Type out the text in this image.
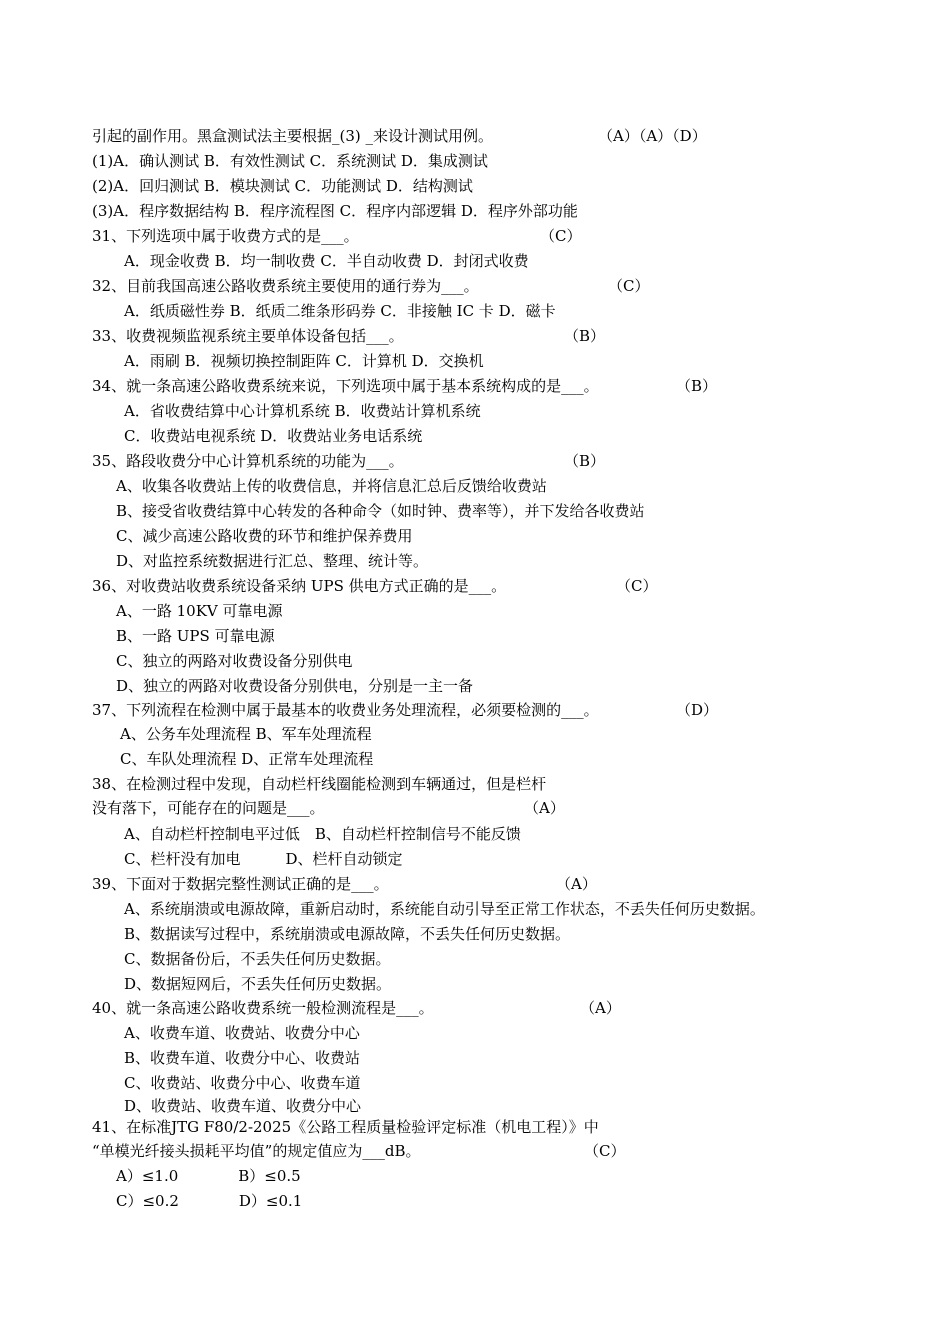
引起的副作用。黑盒测试法主要根据_(3) _来设计测试用例。	（A）（A）（D）
(1)A．确认测试 B．有效性测试 C．系统测试 D．集成测试
(2)A．回归测试 B．模块测试 C．功能测试 D．结构测试
(3)A．程序数据结构 B．程序流程图 C．程序内部逻辑 D．程序外部功能
31、下列选项中属于收费方式的是___。	（C）
A．现金收费 B．均一制收费 C．半自动收费 D．封闭式收费
32、目前我国高速公路收费系统主要使用的通行券为___。	（C）
A．纸质磁性券 B．纸质二维条形码券 C．非接触 IC 卡 D．磁卡
33、收费视频监视系统主要单体设备包括___。	（B）
A．雨刷 B．视频切换控制距阵 C．计算机 D．交换机
34、就一条高速公路收费系统来说，下列选项中属于基本系统构成的是___。	（B）
A．省收费结算中心计算机系统 B．收费站计算机系统
C．收费站电视系统 D．收费站业务电话系统
35、路段收费分中心计算机系统的功能为___。	（B）
A、收集各收费站上传的收费信息，并将信息汇总后反馈给收费站
B、接受省收费结算中心转发的各种命令（如时钟、费率等），并下发给各收费站
C、减少高速公路收费的环节和维护保养费用
D、对监控系统数据进行汇总、整理、统计等。
36、对收费站收费系统设备采纳 UPS 供电方式正确的是___。	（C）
A、一路 10KV 可靠电源
B、一路 UPS 可靠电源
C、独立的两路对收费设备分别供电
D、独立的两路对收费设备分别供电，分别是一主一备
37、下列流程在检测中属于最基本的收费业务处理流程，必须要检测的___。	（D）
A、公务车处理流程 B、军车处理流程
C、车队处理流程 D、正常车处理流程
38、在检测过程中发现，自动栏杆线圈能检测到车辆通过，但是栏杆
没有落下，可能存在的问题是___。	（A）
A、自动栏杆控制电平过低　B、自动栏杆控制信号不能反馈
C、栏杆没有加电　　　D、栏杆自动锁定
39、下面对于数据完整性测试正确的是___。	（A）
A、系统崩溃或电源故障，重新启动时，系统能自动引导至正常工作状态，不丢失任何历史数据。
B、数据读写过程中，系统崩溃或电源故障，不丢失任何历史数据。
C、数据备份后，不丢失任何历史数据。
D、数据短网后，不丢失任何历史数据。
40、就一条高速公路收费系统一般检测流程是___。	（A）
A、收费车道、收费站、收费分中心
B、收费车道、收费分中心、收费站
C、收费站、收费分中心、收费车道
D、收费站、收费车道、收费分中心
41、在标准JTG F80/2-2025《公路工程质量检验评定标准（机电工程）》中
“单模光纤接头损耗平均值”的规定值应为___dB。	（C）
A）≤1.0　　　　B）≤0.5
C）≤0.2　　　　D）≤0.1
